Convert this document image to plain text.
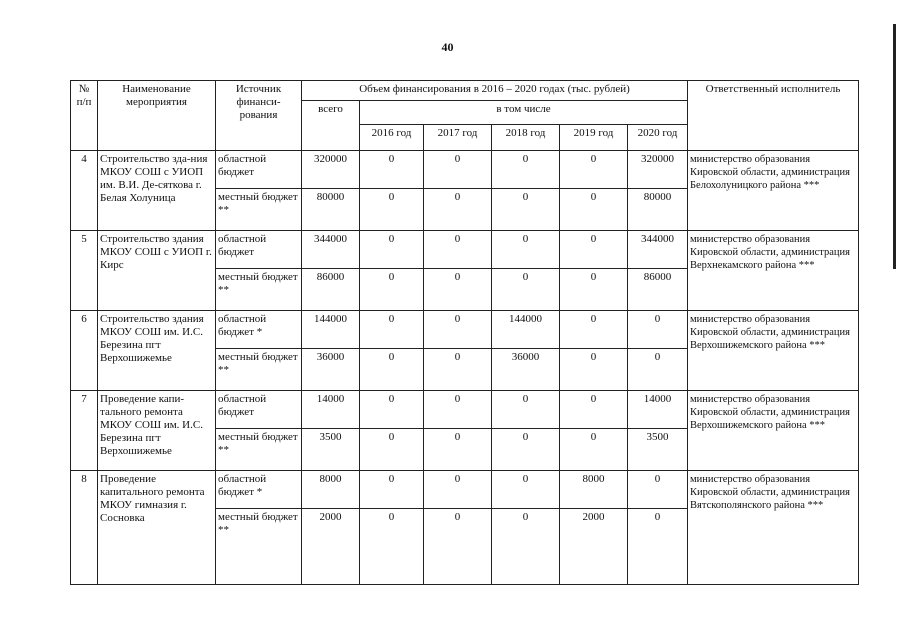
40
№ п/п	Наименование мероприятия	Источник финанси-рования	Объем финансирования в 2016 – 2020 годах (тыс. рублей)						Ответственный исполнитель
			всего	в том числе					
				2016 год	2017 год	2018 год	2019 год	2020 год	
4	Строительство зда-ния МКОУ СОШ с УИОП им. В.И. Де-сяткова г. Белая Холуница	областной бюджет	320000	0	0	0	0	320000	министерство образования Кировской области, администрация Белохолуницкого района ***
		местный бюджет **	80000	0	0	0	0	80000	
5	Строительство здания МКОУ СОШ с УИОП г. Кирс	областной бюджет	344000	0	0	0	0	344000	министерство образования Кировской области, администрация Верхнекамского района ***
		местный бюджет **	86000	0	0	0	0	86000	
6	Строительство здания МКОУ СОШ им. И.С. Березина пгт Верхошижемье	областной бюджет *	144000	0	0	144000	0	0	министерство образования Кировской области, администрация Верхошижемского района ***
		местный бюджет **	36000	0	0	36000	0	0	
7	Проведение капи-тального ремонта МКОУ СОШ им. И.С. Березина пгт Верхошижемье	областной бюджет	14000	0	0	0	0	14000	министерство образования Кировской области, администрация Верхошижемского района ***
		местный бюджет **	3500	0	0	0	0	3500	
8	Проведение капитального ремонта МКОУ гимназия г. Сосновка	областной бюджет *	8000	0	0	0	8000	0	министерство образования Кировской области, администрация Вятскополянского района ***
		местный бюджет **	2000	0	0	0	2000	0	
